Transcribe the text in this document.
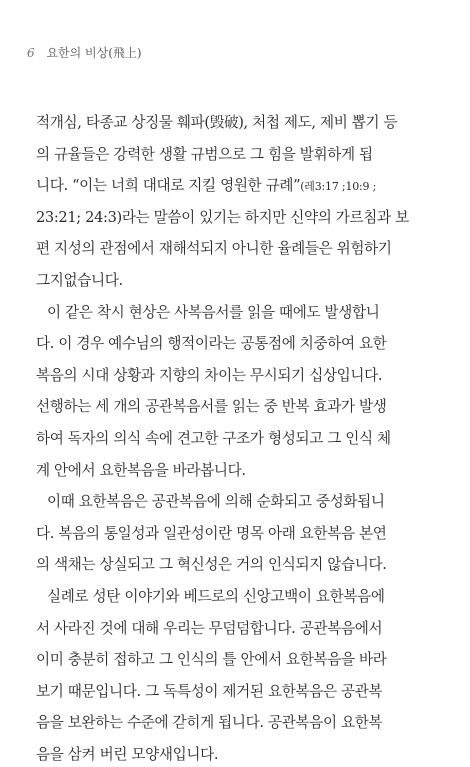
6 요한의 비상(飛上)
적개심, 타종교 상징물 훼파(毁破), 처첩 제도, 제비 뽑기 등
의 규율들은 강력한 생활 규범으로 그 힘을 발휘하게 됩
니다. “이는 너희 대대로 지킬 영원한 규례”(레3:17 ;10:9 ;
23:21; 24:3)라는 말씀이 있기는 하지만 신약의 가르침과 보
편 지성의 관점에서 재해석되지 아니한 율례들은 위험하기
그지없습니다.
이 같은 착시 현상은 사복음서를 읽을 때에도 발생합니
다. 이 경우 예수님의 행적이라는 공통점에 치중하여 요한
복음의 시대 상황과 지향의 차이는 무시되기 십상입니다.
선행하는 세 개의 공관복음서를 읽는 중 반복 효과가 발생
하여 독자의 의식 속에 견고한 구조가 형성되고 그 인식 체
계 안에서 요한복음을 바라봅니다.
이때 요한복음은 공관복음에 의해 순화되고 중성화됩니
다. 복음의 통일성과 일관성이란 명목 아래 요한복음 본연
의 색채는 상실되고 그 혁신성은 거의 인식되지 않습니다.
실례로 성탄 이야기와 베드로의 신앙고백이 요한복음에
서 사라진 것에 대해 우리는 무덤덤합니다. 공관복음에서
이미 충분히 접하고 그 인식의 틀 안에서 요한복음을 바라
보기 때문입니다. 그 독특성이 제거된 요한복음은 공관복
음을 보완하는 수준에 갇히게 됩니다. 공관복음이 요한복
음을 삼켜 버린 모양새입니다.
